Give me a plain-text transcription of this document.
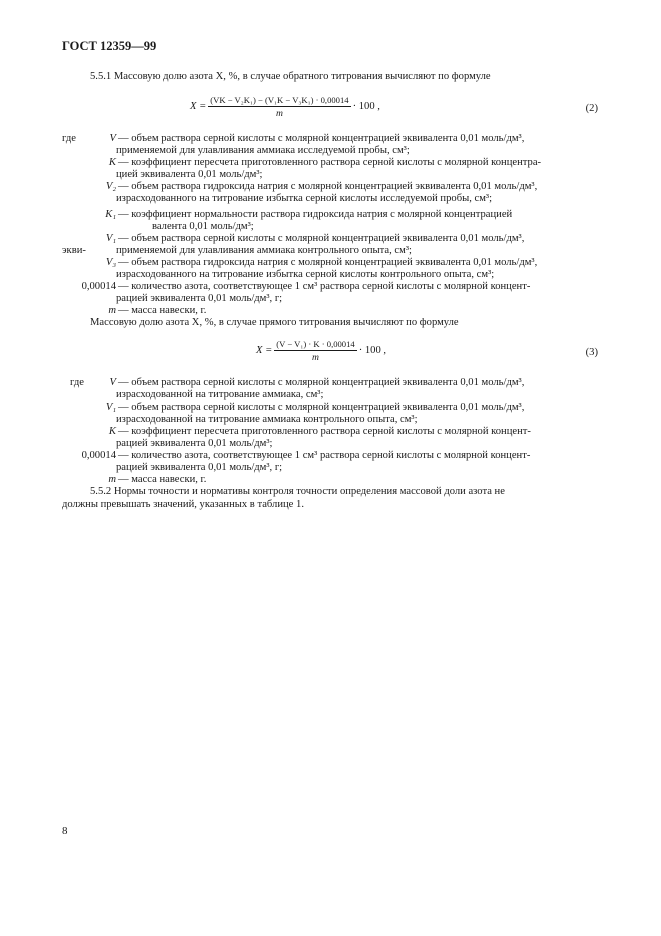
ГОСТ 12359—99
5.5.1 Массовую долю азота X, %, в случае обратного титрования вычисляют по формуле
$X = \frac{\text{(VK − V₂K₁) − (V₁K − V₃K₁) · 0,00014}}{m} \cdot 100$ ,	(2)
где
экви-
V — объем раствора серной кислоты с молярной концентрацией эквивалента 0,01 моль/дм³,
применяемой для улавливания аммиака исследуемой пробы, см³;
K — коэффициент пересчета приготовленного раствора серной кислоты с молярной концентра-
цией эквивалента 0,01 моль/дм³;
V₂ — объем раствора гидроксида натрия с молярной концентрацией эквивалента 0,01 моль/дм³,
израсходованного на титрование избытка серной кислоты исследуемой пробы, см³;
K₁ — коэффициент нормальности раствора гидроксида натрия с молярной концентрацией
валента 0,01 моль/дм³;
V₁ — объем раствора серной кислоты с молярной концентрацией эквивалента 0,01 моль/дм³,
применяемой для улавливания аммиака контрольного опыта, см³;
V₃ — объем раствора гидроксида натрия с молярной концентрацией эквивалента 0,01 моль/дм³,
израсходованного на титрование избытка серной кислоты контрольного опыта, см³;
0,00014 — количество азота, соответствующее 1 см³ раствора серной кислоты с молярной концент-
рацией эквивалента 0,01 моль/дм³, г;
m — масса навески, г.
Массовую долю азота X, %, в случае прямого титрования вычисляют по формуле
$X = \frac{\text{(V − V₁) · K · 0,00014}}{m} \cdot 100$ ,	(3)
где V — объем раствора серной кислоты с молярной концентрацией эквивалента 0,01 моль/дм³,
израсходованной на титрование аммиака, см³;
V₁ — объем раствора серной кислоты с молярной концентрацией эквивалента 0,01 моль/дм³,
израсходованной на титрование аммиака контрольного опыта, см³;
K — коэффициент пересчета приготовленного раствора серной кислоты с молярной концент-
рацией эквивалента 0,01 моль/дм³;
0,00014 — количество азота, соответствующее 1 см³ раствора серной кислоты с молярной концент-
рацией эквивалента 0,01 моль/дм³, г;
m — масса навески, г.
5.5.2 Нормы точности и нормативы контроля точности определения массовой доли азота не
должны превышать значений, указанных в таблице 1.
8
